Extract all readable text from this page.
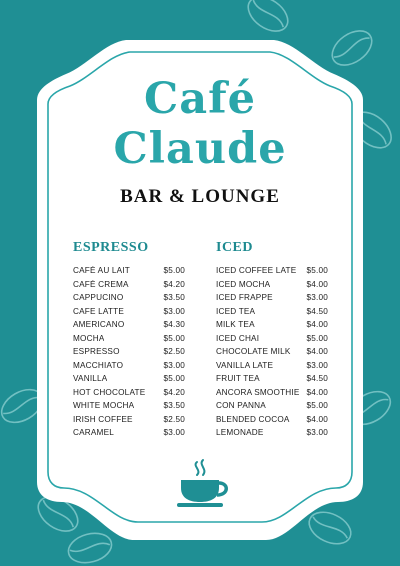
Café
Claude
BAR & LOUNGE
ESPRESSO
CAFÉ AU LAIT	$5.00
CAFÉ CREMA	$4.20
CAPPUCINO	$3.50
CAFE LATTE	$3.00
AMERICANO	$4.30
MOCHA	$5.00
ESPRESSO	$2.50
MACCHIATO	$3.00
VANILLA	$5.00
HOT CHOCOLATE $4.20
WHITE MOCHA	$3.50
IRISH COFFEE	$2.50
CARAMEL	$3.00
ICED
ICED COFFEE LATE $5.00
ICED MOCHA	$4.00
ICED FRAPPE	$3.00
ICED TEA	$4.50
MILK TEA	$4.00
ICED CHAI	$5.00
CHOCOLATE MILK $4.00
VANILLA LATE	$3.00
FRUIT TEA	$4.50
ANCORA SMOOTHIE $4.00
CON PANNA	$5.00
BLENDED COCOA $4.00
LEMONADE	$3.00
